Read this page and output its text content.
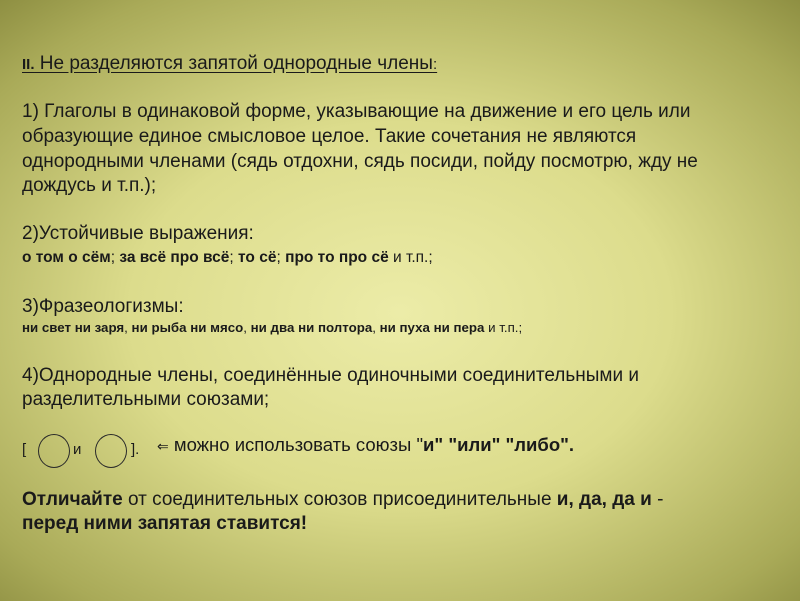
II. Не разделяются запятой однородные члены:
1) Глаголы в одинаковой форме, указывающие на движение и его цель или
образующие единое смысловое целое. Такие сочетания не являются
однородными членами (сядь отдохни, сядь посиди, пойду посмотрю, жду не
дождусь и т.п.);
2)Устойчивые выражения:
о том о сём; за всё про всё; то сё; про то про сё и т.п.;
3)Фразеологизмы:
ни свет ни заря, ни рыба ни мясо, ни два ни полтора, ни пуха ни пера и т.п.;
4)Однородные члены, соединённые одиночными соединительными и
разделительными союзами;
[	и	]. ⇐ можно использовать союзы "и" "или" "либо".
Отличайте от соединительных союзов присоединительные и, да, да и -
перед ними запятая ставится!
